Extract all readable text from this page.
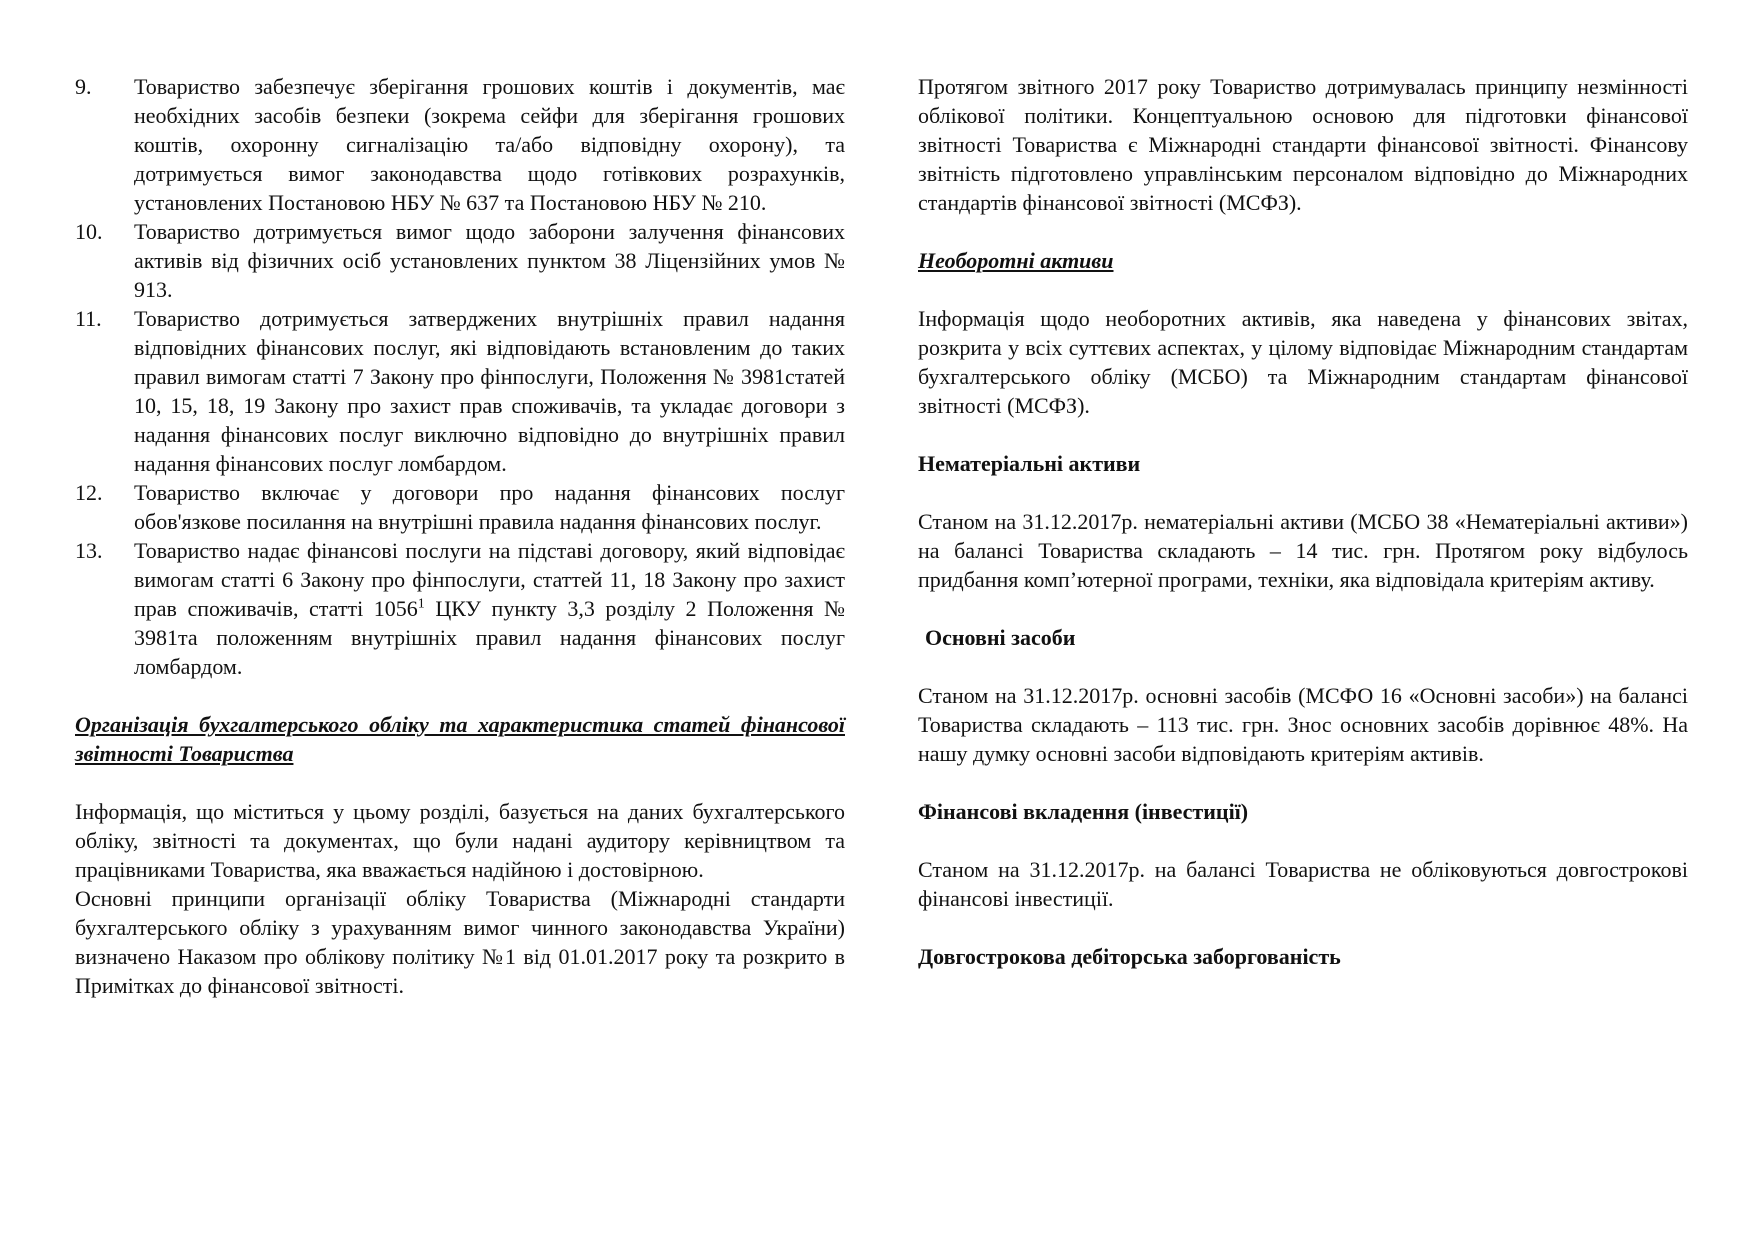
9.	Товариство забезпечує зберігання грошових коштів і документів, має необхідних засобів безпеки (зокрема сейфи для зберігання грошових коштів, охоронну сигналізацію та/або відповідну охорону), та дотримується вимог законодавства щодо готівкових розрахунків, установлених Постановою НБУ № 637 та Постановою НБУ № 210.
10.	Товариство дотримується вимог щодо заборони залучення фінансових активів від фізичних осіб установлених пунктом 38 Ліцензійних умов № 913.
11.	Товариство дотримується затверджених внутрішніх правил надання відповідних фінансових послуг, які відповідають встановленим до таких правил вимогам статті 7 Закону про фінпослуги, Положення № 3981статей 10, 15, 18, 19 Закону про захист прав споживачів, та укладає договори з надання фінансових послуг виключно відповідно до внутрішніх правил надання фінансових послуг ломбардом.
12.	Товариство включає у договори про надання фінансових послуг обов'язкове посилання на внутрішні правила надання фінансових послуг.
13.	Товариство надає фінансові послуги на підставі договору, який відповідає вимогам статті 6 Закону про фінпослуги, статтей 11, 18 Закону про захист прав споживачів, статті 1056$^1$ ЦКУ пункту 3,3 розділу 2 Положення № 3981та положенням внутрішніх правил надання фінансових послуг ломбардом.

Організація бухгалтерського обліку та характеристика статей фінансової звітності Товариства

Інформація, що міститься у цьому розділі, базується на даних бухгалтерського обліку, звітності та документах, що були надані аудитору керівництвом та працівниками Товариства, яка вважається надійною і достовірною.

Основні принципи організації обліку Товариства (Міжнародні стандарти бухгалтерського обліку з урахуванням вимог чинного законодавства України) визначено Наказом про облікову політику №1 від 01.01.2017 року та розкрито в Примітках до фінансової звітності.

Протягом звітного 2017 року Товариство дотримувалась принципу незмінності облікової політики. Концептуальною основою для підготовки фінансової звітності Товариства є Міжнародні стандарти фінансової звітності. Фінансову звітність підготовлено управлінським персоналом відповідно до Міжнародних стандартів фінансової звітності (МСФЗ).

Необоротні активи

Інформація щодо необоротних активів, яка наведена у фінансових звітах, розкрита у всіх суттєвих аспектах, у цілому відповідає Міжнародним стандартам бухгалтерського обліку (МСБО) та Міжнародним стандартам фінансової звітності (МСФЗ).

Нематеріальні активи

Станом на 31.12.2017р. нематеріальні активи (МСБО 38 «Нематеріальні активи») на балансі Товариства складають – 14 тис. грн. Протягом року відбулось придбання комп’ютерної програми, техніки, яка відповідала критеріям активу.

Основні засоби

Станом на 31.12.2017р. основні засобів (МСФО 16 «Основні засоби») на балансі Товариства складають – 113 тис. грн. Знос основних засобів дорівнює 48%. На нашу думку основні засоби відповідають критеріям активів.

Фінансові вкладення (інвестиції)

Станом на 31.12.2017р. на балансі Товариства не обліковуються довгострокові фінансові інвестиції.

Довгострокова дебіторська заборгованість
